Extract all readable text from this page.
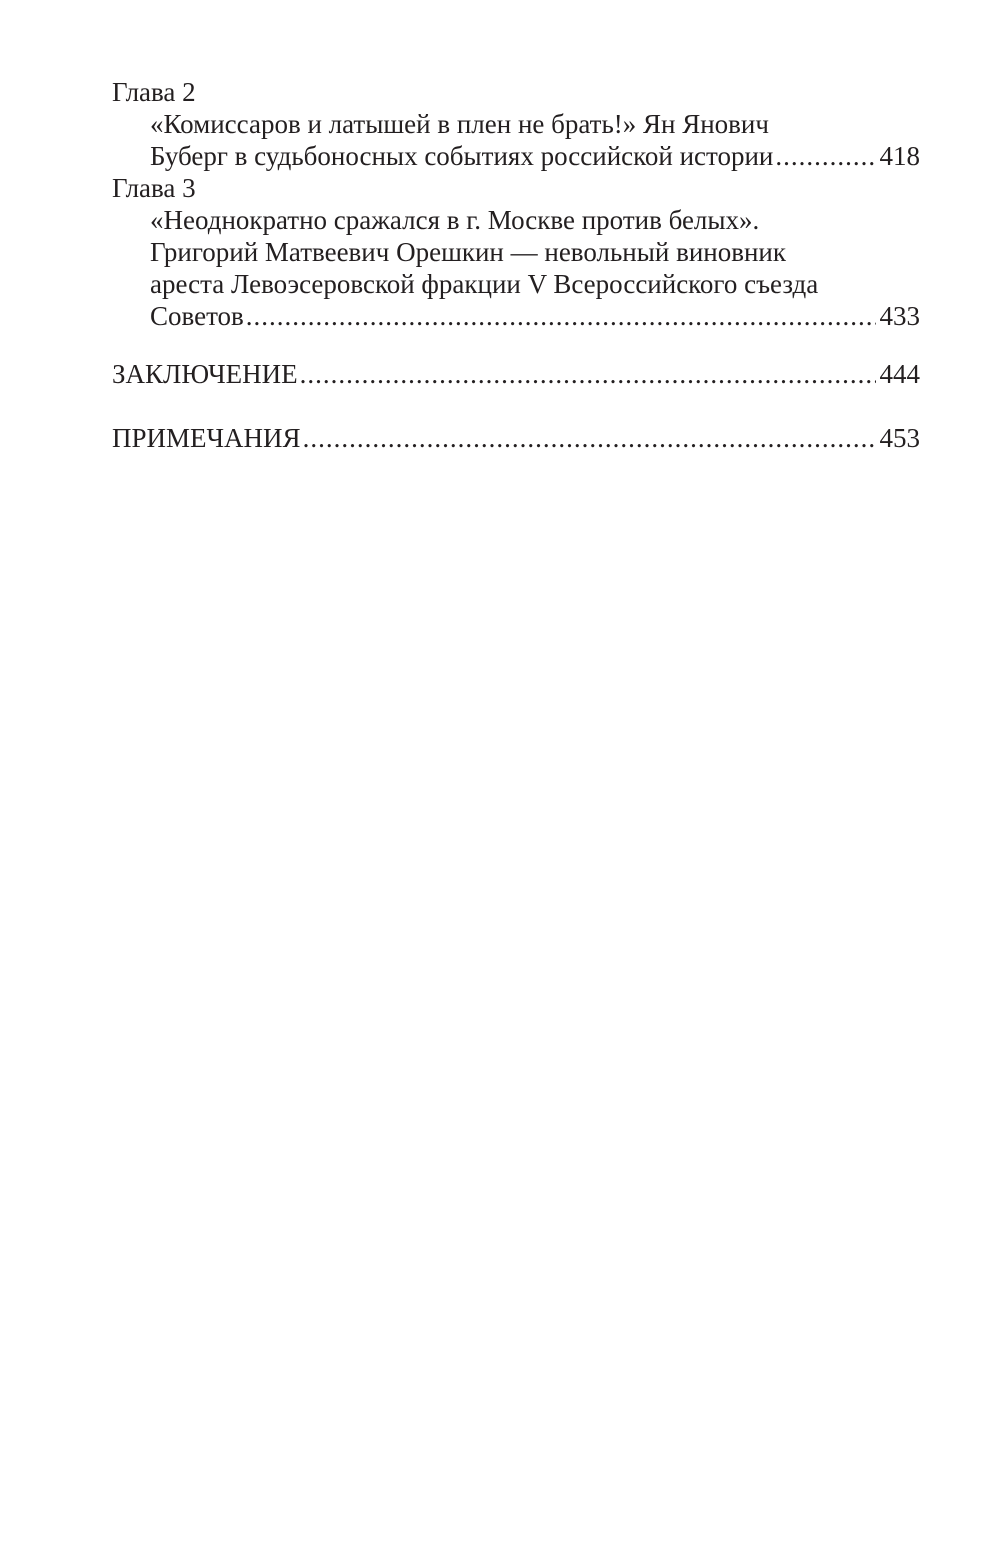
Глава 2
«Комиссаров и латышей в плен не брать!» Ян Янович
Буберг в судьбоносных событиях российской истории .....	418
Глава 3
«Неоднократно сражался в г. Москве против белых».
Григорий Матвеевич Орешкин — невольный виновник
ареста Левоэсеровской фракции V Всероссийского съезда
Советов .....	433
ЗАКЛЮЧЕНИЕ .....	444
ПРИМЕЧАНИЯ .....	453
